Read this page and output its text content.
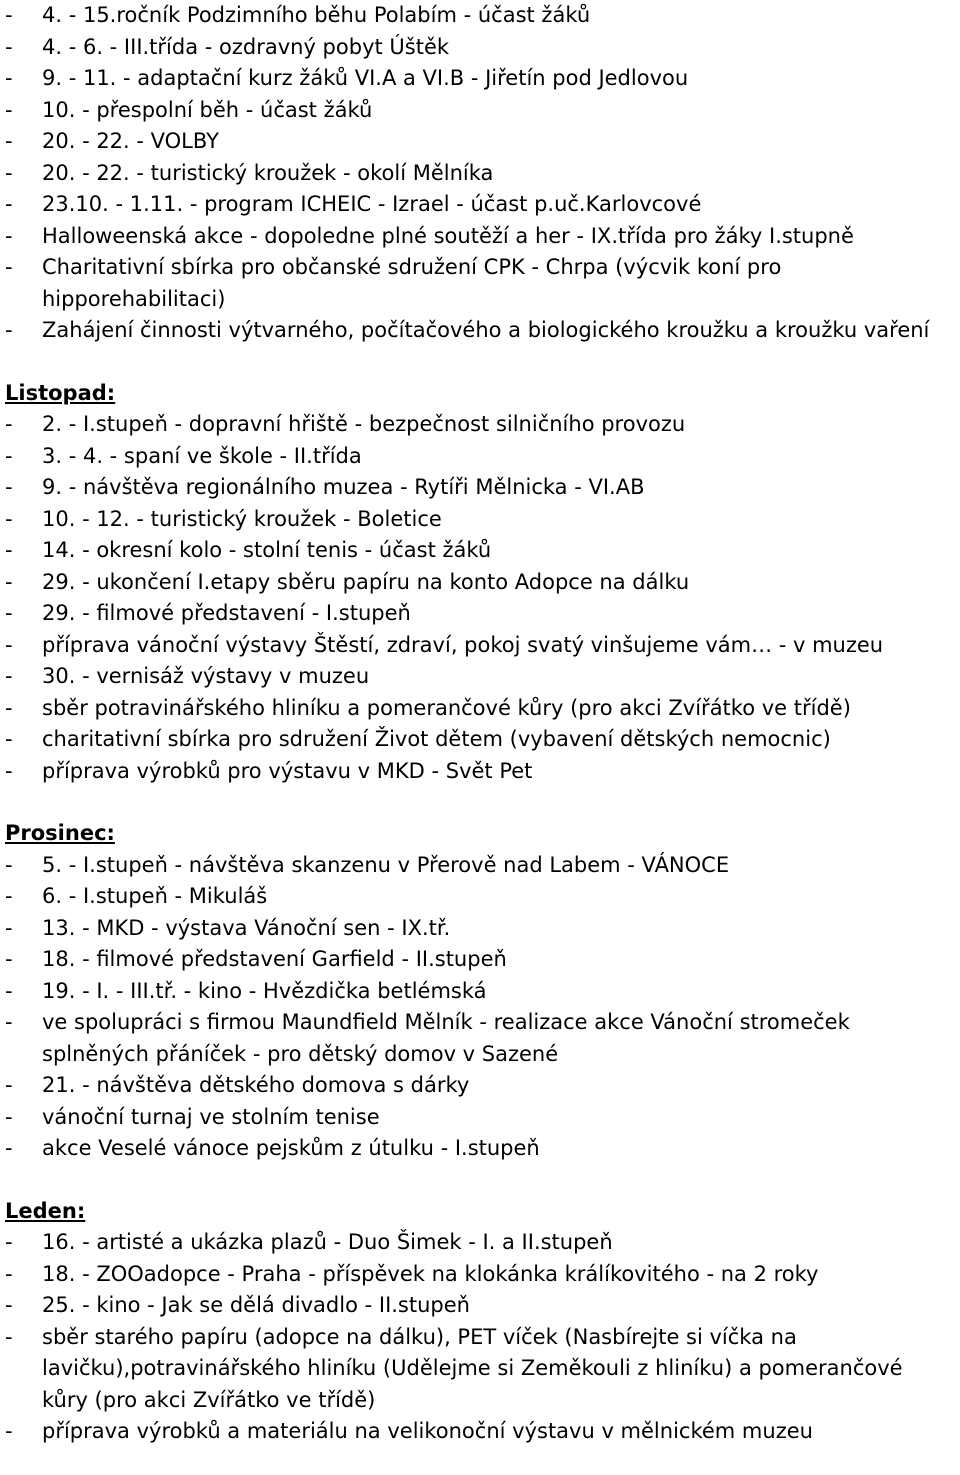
- 4. - 15.ročník Podzimního běhu Polabím - účast žáků
- 4. - 6. - III.třída - ozdravný pobyt Úštěk
- 9. - 11. - adaptační kurz žáků VI.A a VI.B - Jiřetín pod Jedlovou
- 10. - přespolní běh - účast žáků
- 20. - 22. - VOLBY
- 20. - 22. - turistický kroužek - okolí Mělníka
- 23.10. - 1.11. - program ICHEIC - Izrael - účast p.uč.Karlovcové
- Halloweenská akce - dopoledne plné soutěží a her - IX.třída pro žáky I.stupně
- Charitativní sbírka pro občanské sdružení CPK - Chrpa (výcvik koní pro hipporehabilitaci)
- Zahájení činnosti výtvarného, počítačového a biologického kroužku a kroužku vaření
Listopad:
- 2. - I.stupeň - dopravní hřiště - bezpečnost silničního provozu
- 3. - 4. - spaní ve škole - II.třída
- 9. - návštěva regionálního muzea - Rytíři Mělnicka - VI.AB
- 10. - 12. - turistický kroužek - Boletice
- 14. - okresní kolo - stolní tenis - účast žáků
- 29. - ukončení I.etapy sběru papíru na konto Adopce na dálku
- 29. - filmové představení - I.stupeň
- příprava vánoční výstavy Štěstí, zdraví, pokoj svatý vinšujeme vám… - v muzeu
- 30. - vernisáž výstavy v muzeu
- sběr potravinářského hliníku a pomerančové kůry (pro akci Zvířátko ve třídě)
- charitativní sbírka pro sdružení Život dětem (vybavení dětských nemocnic)
- příprava výrobků pro výstavu v MKD - Svět Pet
Prosinec:
- 5. - I.stupeň - návštěva skanzenu v Přerově nad Labem - VÁNOCE
- 6. - I.stupeň - Mikuláš
- 13. - MKD - výstava Vánoční sen - IX.tř.
- 18. - filmové představení Garfield - II.stupeň
- 19. - I. - III.tř. - kino - Hvězdička betlémská
- ve spolupráci s firmou Maundfield Mělník - realizace akce Vánoční stromeček splněných přáníček - pro dětský domov v Sazené
- 21. - návštěva dětského domova s dárky
- vánoční turnaj ve stolním tenise
- akce Veselé vánoce pejskům z útulku - I.stupeň
Leden:
- 16. - artisté a ukázka plazů - Duo Šimek - I. a II.stupeň
- 18. - ZOOadopce - Praha - příspěvek na klokánka králíkovitého - na 2 roky
- 25. - kino - Jak se dělá divadlo - II.stupeň
- sběr starého papíru (adopce na dálku), PET víček (Nasbírejte si víčka na lavičku),potravinářského hliníku (Udělejme si Zeměkouli z hliníku) a pomerančové kůry (pro akci Zvířátko ve třídě)
- příprava výrobků a materiálu na velikonoční výstavu v mělnickém muzeu
